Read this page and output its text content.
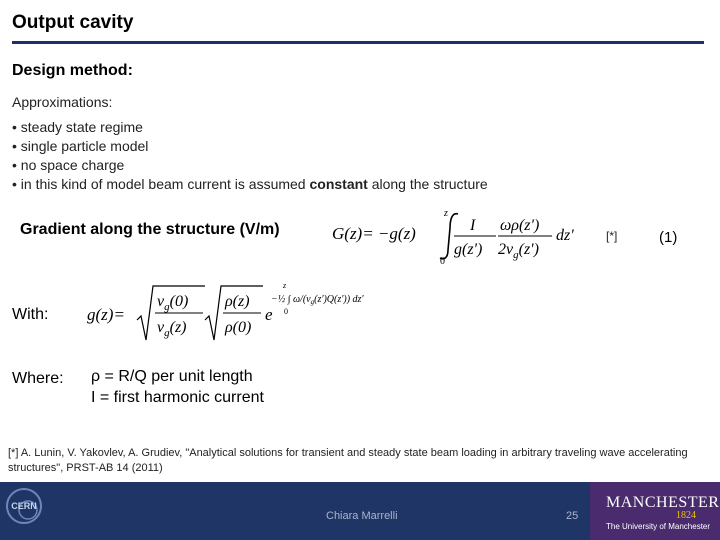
Output cavity
Design method:
Approximations:
• steady state regime
• single particle model
• no space charge
• in this kind of model beam current is assumed constant along the structure
Gradient along the structure (V/m)	G(z)= −g(z)
z
0
I
g(z')
ωρ(z')
$2v_g(z')$
dz'	[*]	(1)
With: g(z)=
$v_g(0)$
$v_g(z)$
ρ(z)
ρ(0)
e
z
0
−½ ∫ $\omega/(v_g(z')Q(z'))$ dz'
Where: ρ = R/Q per unit length
I = first harmonic current
[*] A. Lunin, V. Yakovlev, A. Grudiev, "Analytical solutions for transient and steady state beam loading in arbitrary traveling wave accelerating structures", PRST-AB 14 (2011)
CERN
Chiara Marrelli	25
MANCHESTER
1824
The University of Manchester
